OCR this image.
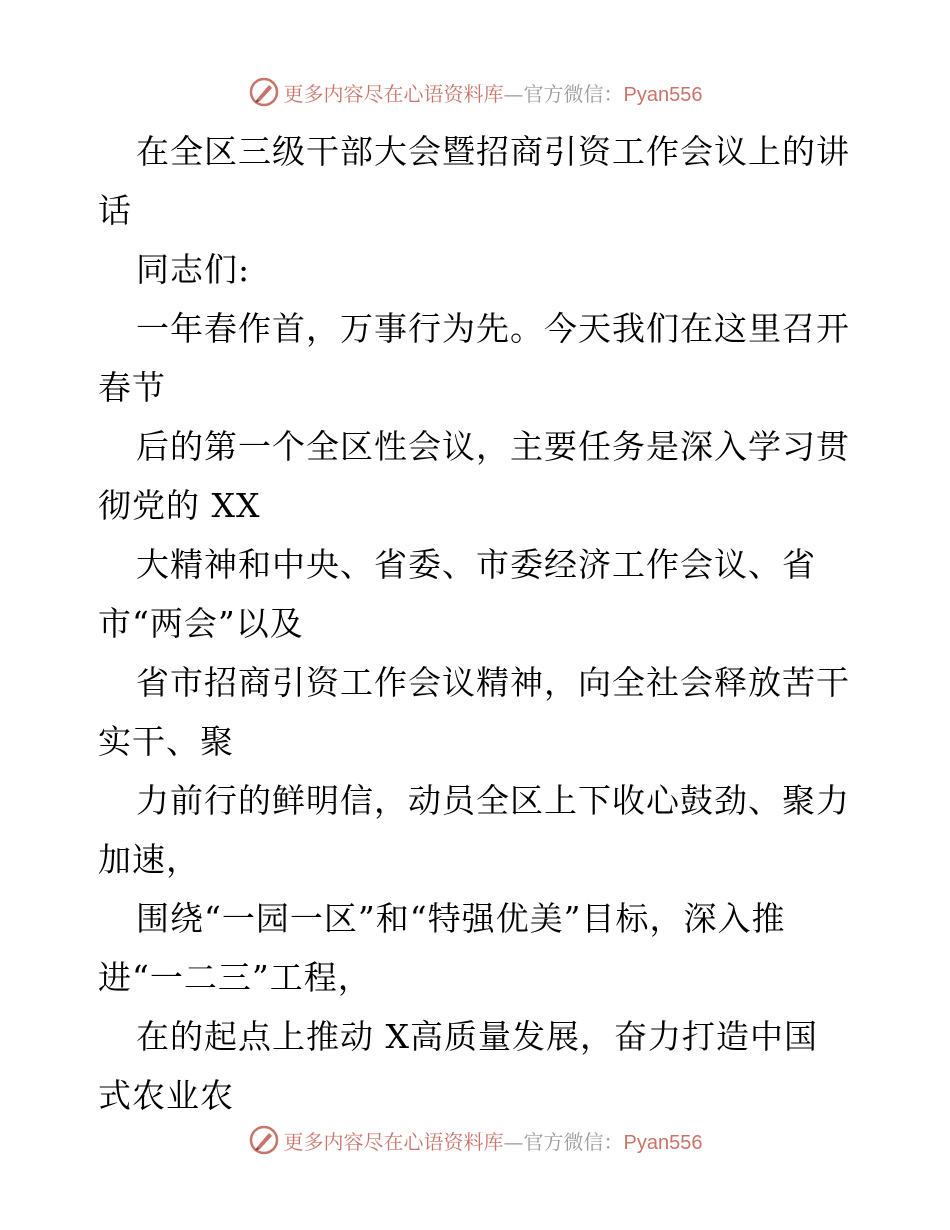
更多内容尽在心语资料库—官方微信：Pyan556
在全区三级干部大会暨招商引资工作会议上的讲
话
同志们:
一年春作首，万事行为先。今天我们在这里召开
春节
后的第一个全区性会议，主要任务是深入学习贯
彻党的 XX
大精神和中央、省委、市委经济工作会议、省
市“两会”以及
省市招商引资工作会议精神，向全社会释放苦干
实干、聚
力前行的鲜明信，动员全区上下收心鼓劲、聚力
加速，
围绕“一园一区”和“特强优美”目标，深入推
进“一二三”工程，
在的起点上推动 X高质量发展，奋力打造中国
式农业农
更多内容尽在心语资料库—官方微信：Pyan556
